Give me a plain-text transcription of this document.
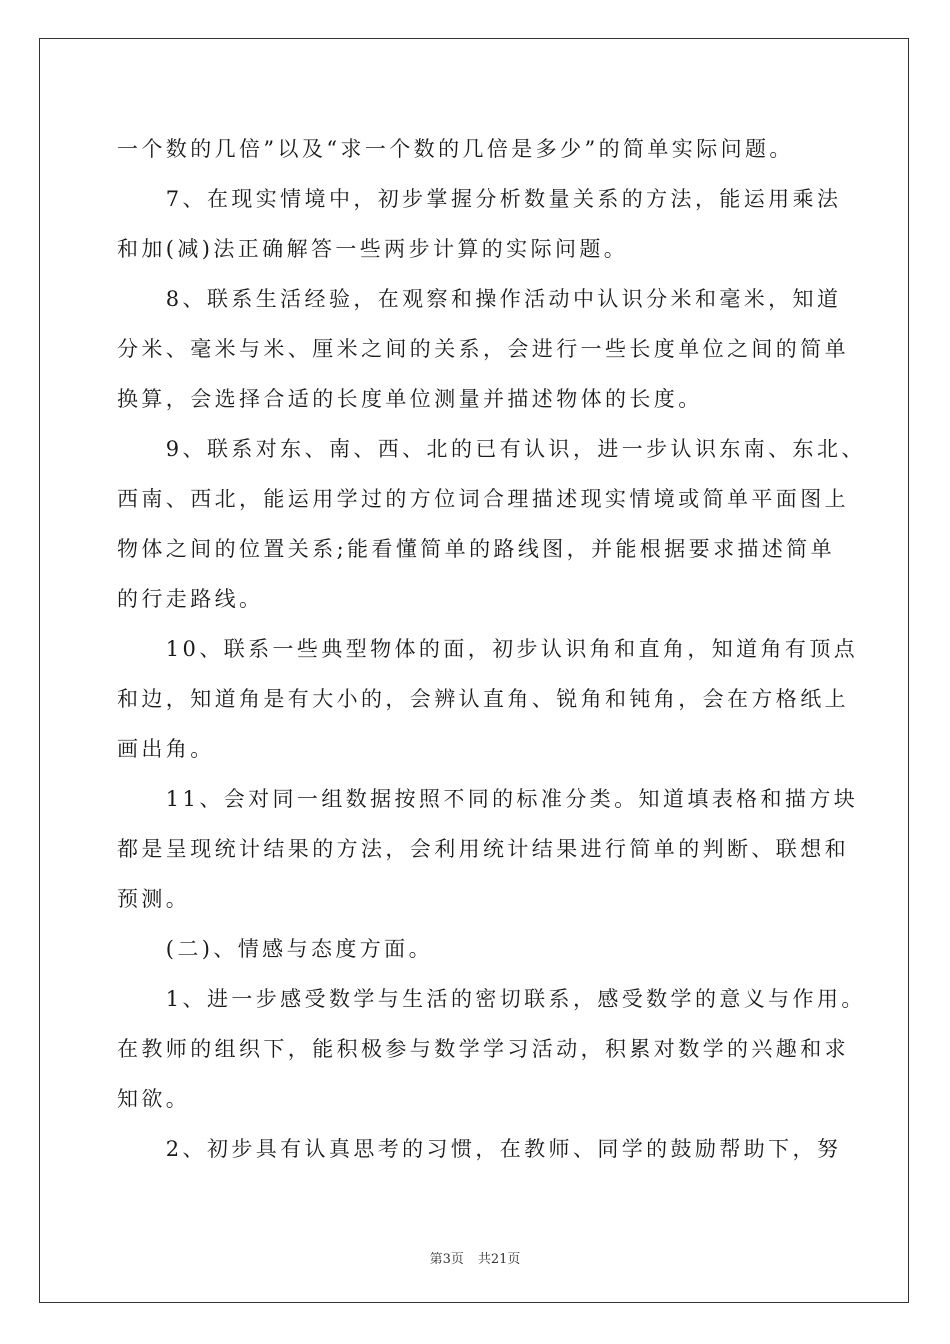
一个数的几倍”以及“求一个数的几倍是多少”的简单实际问题。
　　7、在现实情境中，初步掌握分析数量关系的方法，能运用乘法
和加(减)法正确解答一些两步计算的实际问题。
　　8、联系生活经验，在观察和操作活动中认识分米和毫米，知道
分米、毫米与米、厘米之间的关系，会进行一些长度单位之间的简单
换算，会选择合适的长度单位测量并描述物体的长度。
　　9、联系对东、南、西、北的已有认识，进一步认识东南、东北、
西南、西北，能运用学过的方位词合理描述现实情境或简单平面图上
物体之间的位置关系;能看懂简单的路线图，并能根据要求描述简单
的行走路线。
　　10、联系一些典型物体的面，初步认识角和直角，知道角有顶点
和边，知道角是有大小的，会辨认直角、锐角和钝角，会在方格纸上
画出角。
　　11、会对同一组数据按照不同的标准分类。知道填表格和描方块
都是呈现统计结果的方法，会利用统计结果进行简单的判断、联想和
预测。
　　(二)、情感与态度方面。
　　1、进一步感受数学与生活的密切联系，感受数学的意义与作用。
在教师的组织下，能积极参与数学学习活动，积累对数学的兴趣和求
知欲。
　　2、初步具有认真思考的习惯，在教师、同学的鼓励帮助下，努
第3页 共21页
